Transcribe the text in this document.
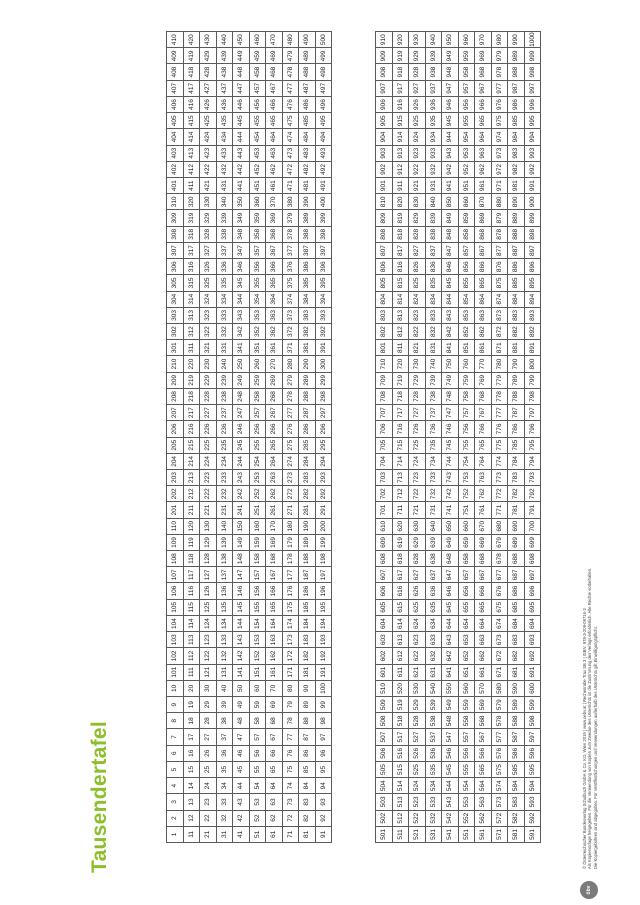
Tausendertafel	1	2	3	4	5	6	7	8	9	10	101	102	103	104	105	106	107	108	109	110	201	202	203	204	205	206	207	208	209	210	301	302	303	304	305	306	307	308	309	310	401	402	403	404	405	406	407	408	409	410
11	12	13	14	15	16	17	18	19	20	111	112	113	114	115	116	117	118	119	120	211	212	213	214	215	216	217	218	219	220	311	312	313	314	315	316	317	318	319	320	411	412	413	414	415	416	417	418	419	420
21	22	23	24	25	26	27	28	29	30	121	122	123	124	125	126	127	128	129	130	221	222	223	224	225	226	227	228	229	230	321	322	323	324	325	326	327	328	329	330	421	422	423	424	425	426	427	428	429	430
31	32	33	34	35	36	37	38	39	40	131	132	133	134	135	136	137	138	139	140	231	232	233	234	235	236	237	238	239	240	331	332	333	334	335	336	337	338	339	340	431	432	433	434	435	436	437	438	439	440
41	42	43	44	45	46	47	48	49	50	141	142	143	144	145	146	147	148	149	150	241	242	243	244	245	246	247	248	249	250	341	342	343	344	345	346	347	348	349	350	441	442	443	444	445	446	447	448	449	450
51	52	53	54	55	56	57	58	59	60	151	152	153	154	155	156	157	158	159	160	251	252	253	254	255	256	257	258	259	260	351	352	353	354	355	356	357	358	359	360	451	452	453	454	455	456	457	458	459	460
61	62	63	64	65	66	67	68	69	70	161	162	163	164	165	166	167	168	169	170	261	262	263	264	265	266	267	268	269	270	361	362	363	364	365	366	367	368	369	370	461	462	463	464	465	466	467	468	469	470
71	72	73	74	75	76	77	78	79	80	171	172	173	174	175	176	177	178	179	180	271	272	273	274	275	276	277	278	279	280	371	372	373	374	375	376	377	378	379	380	471	472	473	474	475	476	477	478	479	480
81	82	83	84	85	86	87	88	89	90	181	182	183	184	185	186	187	188	189	190	281	282	283	284	285	286	287	288	289	290	381	382	383	384	385	386	387	388	389	390	481	482	483	484	485	486	487	488	489	490
91	92	93	94	95	96	97	98	99	100	191	192	193	194	195	196	197	198	199	200	291	292	293	294	295	296	297	298	299	300	391	392	393	394	395	396	397	398	399	400	491	492	493	494	495	496	497	498	499	500
501	502	503	504	505	506	507	508	509	510	601	602	603	604	605	606	607	608	609	610	701	702	703	704	705	706	707	708	709	710	801	802	803	804	805	806	807	808	809	810	901	902	903	904	905	906	907	908	909	910
511	512	513	514	515	516	517	518	519	520	611	612	613	614	615	616	617	618	619	620	711	712	713	714	715	716	717	718	719	720	811	812	813	814	815	816	817	818	819	820	911	912	913	914	915	916	917	918	919	920
521	522	523	524	525	526	527	528	529	530	621	622	623	624	625	626	627	628	629	630	721	722	723	724	725	726	727	728	729	730	821	822	823	824	825	826	827	828	829	830	921	922	923	924	925	926	927	928	929	930
531	532	533	534	535	536	537	538	539	540	631	632	633	634	635	636	637	638	639	640	731	732	733	734	735	736	737	738	739	740	831	832	833	834	835	836	837	838	839	840	931	932	933	934	935	936	937	938	939	940
541	542	543	544	545	546	547	548	549	550	641	642	643	644	645	646	647	648	649	650	741	742	743	744	745	746	747	748	749	750	841	842	843	844	845	846	847	848	849	850	941	942	943	944	945	946	947	948	949	950
551	552	553	554	555	556	557	558	559	560	651	652	653	654	655	656	657	658	659	660	751	752	753	754	755	756	757	758	759	760	851	852	853	854	855	856	857	858	859	860	951	952	953	954	955	956	957	958	959	960
561	562	563	564	565	566	567	568	569	570	661	662	663	664	665	666	667	668	669	670	761	762	763	764	765	766	767	768	769	770	861	862	863	864	865	866	867	868	869	870	961	962	963	964	965	966	967	968	969	970
571	572	573	574	575	576	577	578	579	580	671	672	673	674	675	676	677	678	679	680	771	772	773	774	775	776	777	778	779	780	871	872	873	874	875	876	877	878	879	880	971	972	973	974	975	976	977	978	979	980
581	582	583	584	585	586	587	588	589	590	681	682	683	684	685	686	687	688	689	690	781	782	783	784	785	786	787	788	789	790	881	882	883	884	885	886	887	888	889	890	981	982	983	984	985	986	987	988	989	990
591	592	593	594	595	596	597	598	599	600	691	692	693	694	695	696	697	698	699	700	791	792	793	794	795	796	797	798	799	800	891	892	893	894	895	896	897	898	899	900	991	992	993	994	995	996	997	998	999	1000
öbv
© Österreichischer Bundesverlag Schulbuch GmbH & Co. KG, Wien 2019 | www.oebv.at | Rechenrabe Trax SB 3 | ISBN: 978-3-209-09716-3 Als Kopiervorlage freigegeben. Für die Verwendung von Kopien zum Zwecke des Unterrichts ist die Zustimmung des Verlags erforderlich. Alle Rechte vorbehalten. Die Kopiergebühren sind abgegolten. Für Veröffentlichungen und Verwendungen außerhalb des Unterrichts gilt Einwilligungspflicht.
